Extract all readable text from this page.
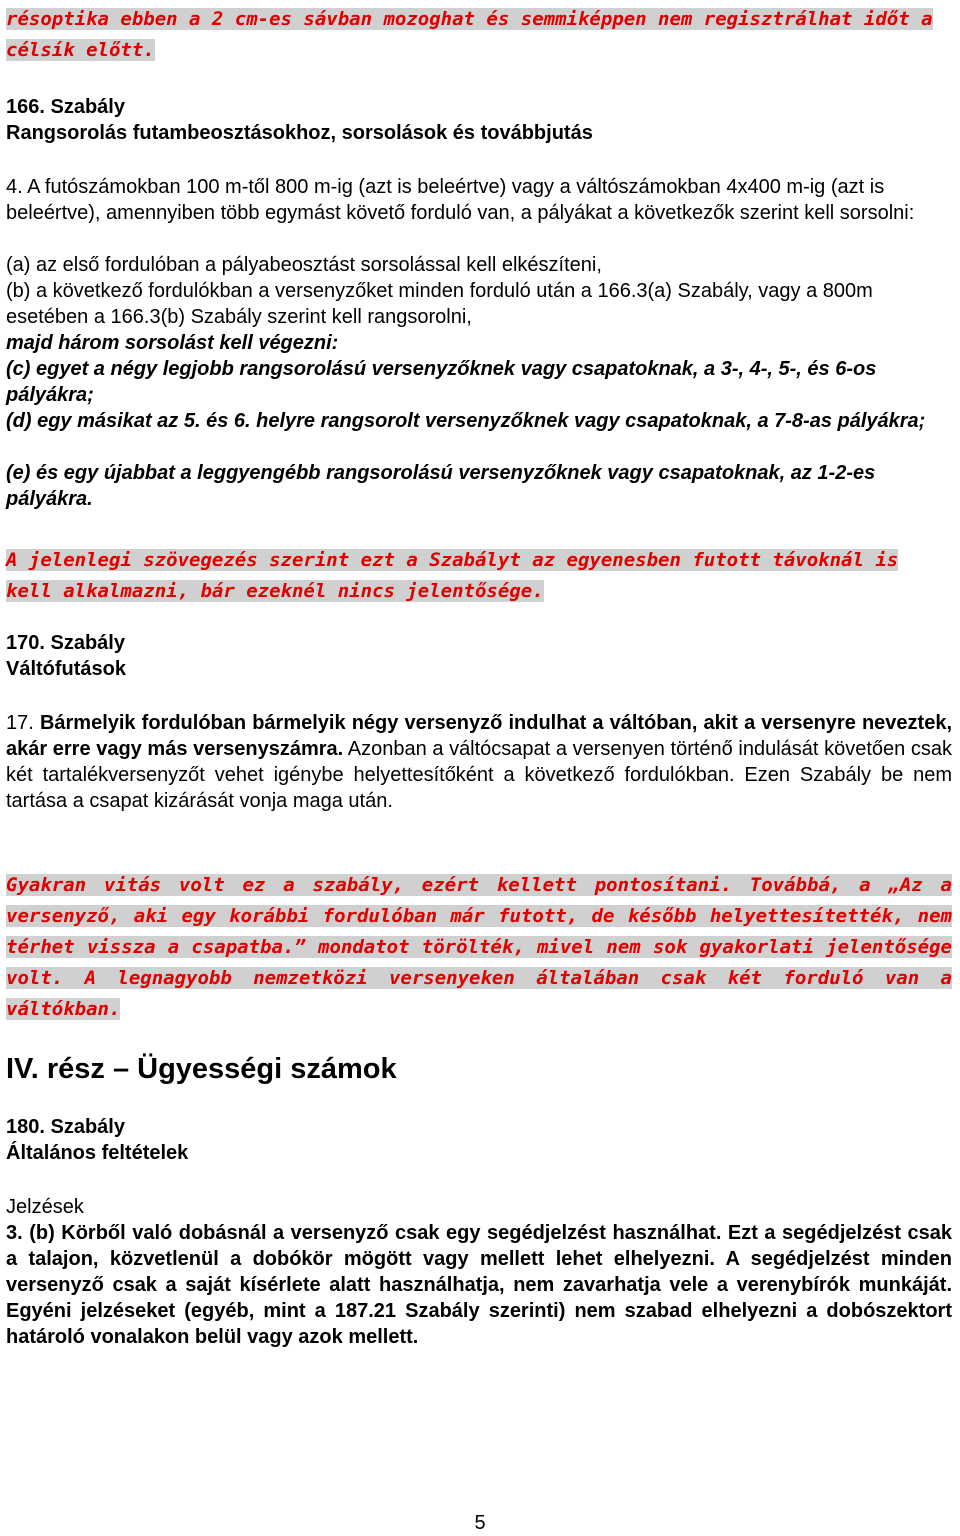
résoptika ebben a 2 cm-es sávban mozoghat és semmiképpen nem regisztrálhat időt a célsík előtt.

166. Szabály

Rangsorolás futambeosztásokhoz, sorsolások és továbbjutás

4. A futószámokban 100 m-től 800 m-ig (azt is beleértve) vagy a váltószámokban 4x400 m-ig (azt is beleértve), amennyiben több egymást követő forduló van, a pályákat a következők szerint kell sorsolni:

(a) az első fordulóban a pályabeosztást sorsolással kell elkészíteni,

(b) a következő fordulókban a versenyzőket minden forduló után a 166.3(a) Szabály, vagy a 800m esetében a 166.3(b) Szabály szerint kell rangsorolni,

majd három sorsolást kell végezni:

(c) egyet a négy legjobb rangsorolású versenyzőknek vagy csapatoknak, a 3-, 4-, 5-, és 6-os pályákra;

(d) egy másikat az 5. és 6. helyre rangsorolt versenyzőknek vagy csapatoknak, a 7-8-as pályákra;

(e) és egy újabbat a leggyengébb rangsorolású versenyzőknek vagy csapatoknak, az 1-2-es pályákra.

A jelenlegi szövegezés szerint ezt a Szabályt az egyenesben futott távoknál is kell alkalmazni, bár ezeknél nincs jelentősége.

170. Szabály

Váltófutások

17. Bármelyik fordulóban bármelyik négy versenyző indulhat a váltóban, akit a versenyre neveztek, akár erre vagy más versenyszámra. Azonban a váltócsapat a versenyen történő indulását követően csak két tartalékversenyzőt vehet igénybe helyettesítőként a következő fordulókban. Ezen Szabály be nem tartása a csapat kizárását vonja maga után.

Gyakran vitás volt ez a szabály, ezért kellett pontosítani. Továbbá, a „Az a versenyző, aki egy korábbi fordulóban már futott, de később helyettesítették, nem térhet vissza a csapatba.” mondatot törölték, mivel nem sok gyakorlati jelentősége volt. A legnagyobb nemzetközi versenyeken általában csak két forduló van a váltókban.

IV. rész – Ügyességi számok

180. Szabály

Általános feltételek

Jelzések

3. (b) Körből való dobásnál a versenyző csak egy segédjelzést használhat. Ezt a segédjelzést csak a talajon, közvetlenül a dobókör mögött vagy mellett lehet elhelyezni. A segédjelzést minden versenyző csak a saját kísérlete alatt használhatja, nem zavarhatja vele a verenybírók munkáját. Egyéni jelzéseket (egyéb, mint a 187.21 Szabály szerinti) nem szabad elhelyezni a dobószektort határoló vonalakon belül vagy azok mellett.

5
